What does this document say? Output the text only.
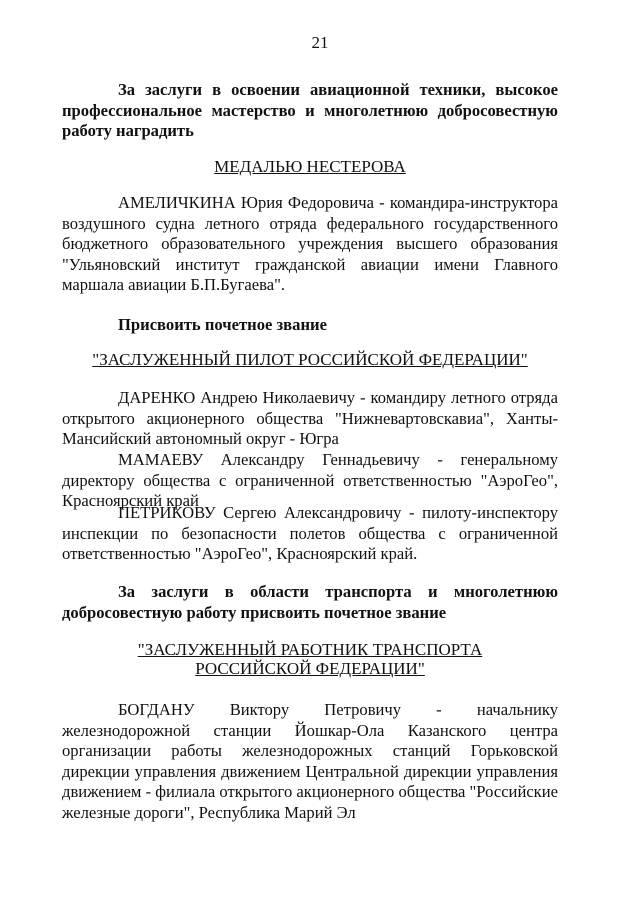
21
За заслуги в освоении авиационной техники, высокое профессиональное мастерство и многолетнюю добросовестную работу наградить
МЕДАЛЬЮ НЕСТЕРОВА
АМЕЛИЧКИНА Юрия Федоровича - командира-инструктора воздушного судна летного отряда федерального государственного бюджетного образовательного учреждения высшего образования "Ульяновский институт гражданской авиации имени Главного маршала авиации Б.П.Бугаева".
Присвоить почетное звание
"ЗАСЛУЖЕННЫЙ ПИЛОТ РОССИЙСКОЙ ФЕДЕРАЦИИ"
ДАРЕНКО Андрею Николаевичу - командиру летного отряда открытого акционерного общества "Нижневартовскавиа", Ханты-Мансийский автономный округ - Югра
МАМАЕВУ Александру Геннадьевичу - генеральному директору общества с ограниченной ответственностью "АэроГео", Красноярский край
ПЕТРИКОВУ Сергею Александровичу - пилоту-инспектору инспекции по безопасности полетов общества с ограниченной ответственностью "АэроГео", Красноярский край.
За заслуги в области транспорта и многолетнюю добросовестную работу присвоить почетное звание
"ЗАСЛУЖЕННЫЙ РАБОТНИК ТРАНСПОРТА
РОССИЙСКОЙ ФЕДЕРАЦИИ"
БОГДАНУ Виктору Петровичу - начальнику железнодорожной станции Йошкар-Ола Казанского центра организации работы железнодорожных станций Горьковской дирекции управления движением Центральной дирекции управления движением - филиала открытого акционерного общества "Российские железные дороги", Республика Марий Эл
